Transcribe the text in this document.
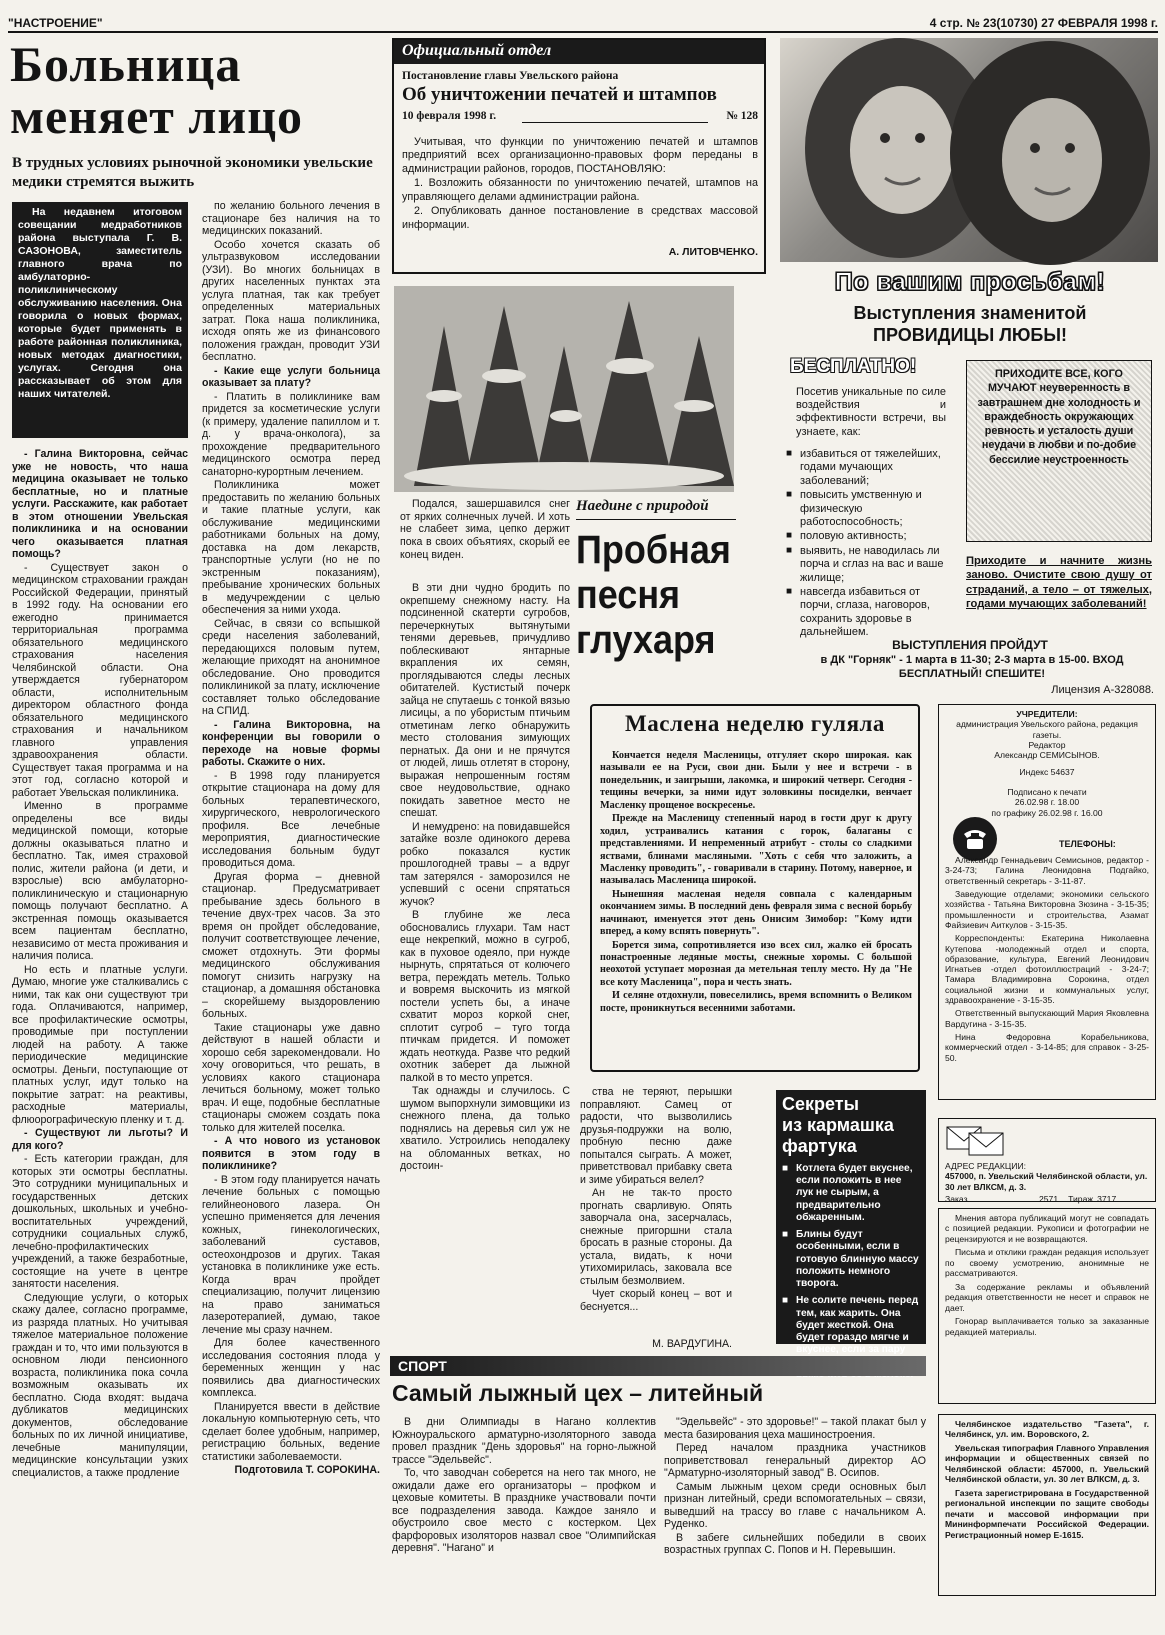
"НАСТРОЕНИЕ"	4 стр. № 23(10730) 27 ФЕВРАЛЯ 1998 г.
Больница
меняет лицо
В трудных условиях рыночной экономики увельские медики стремятся выжить

На недавнем итоговом совещании медработников района выступала Г. В. САЗОНОВА, заместитель главного врача по амбулаторно-поликлиническому обслуживанию населения. Она говорила о новых формах, которые будет применять в работе районная поликлиника, новых методах диагностики, услугах. Сегодня она рассказывает об этом для наших читателей.

- Галина Викторовна, сейчас уже не новость, что наша медицина оказывает не только бесплатные, но и платные услуги. Расскажите, как работает в этом отношении Увельская поликлиника и на основании чего оказывается платная помощь?

- Существует закон о медицинском страховании граждан Российской Федерации, принятый в 1992 году. На основании его ежегодно принимается территориальная программа обязательного медицинского страхования населения Челябинской области. Она утверждается губернатором области, исполнительным директором областного фонда обязательного медицинского страхования и начальником главного управления здравоохранения области. Существует такая программа и на этот год, согласно которой и работает Увельская поликлиника.

Именно в программе определены все виды медицинской помощи, которые должны оказываться платно и бесплатно. Так, имея страховой полис, жители района (и дети, и взрослые) всю амбулаторно-поликлиническую и стационарную помощь получают бесплатно. А экстренная помощь оказывается всем пациентам бесплатно, независимо от места проживания и наличия полиса.

Но есть и платные услуги. Думаю, многие уже сталкивались с ними, так как они существуют три года. Оплачиваются, например, все профилактические осмотры, проводимые при поступлении людей на работу. А также периодические медицинские осмотры. Деньги, поступающие от платных услуг, идут только на покрытие затрат: на реактивы, расходные материалы, флюорографическую пленку и т. д.

- Существуют ли льготы? И для кого?

- Есть категории граждан, для которых эти осмотры бесплатны. Это сотрудники муниципальных и государственных детских дошкольных, школьных и учебно-воспитательных учреждений, сотрудники социальных служб, лечебно-профилактических учреждений, а также безработные, состоящие на учете в центре занятости населения.

Следующие услуги, о которых скажу далее, согласно программе, из разряда платных. Но учитывая тяжелое материальное положение граждан и то, что ими пользуются в основном люди пенсионного возраста, поликлиника пока сочла возможным оказывать их бесплатно. Сюда входят: выдача дубликатов медицинских документов, обследование больных по их личной инициативе, лечебные манипуляции, медицинские консультации узких специалистов, а также продление

по желанию больного лечения в стационаре без наличия на то медицинских показаний.

Особо хочется сказать об ультразвуковом исследовании (УЗИ). Во многих больницах в других населенных пунктах эта услуга платная, так как требует определенных материальных затрат. Пока наша поликлиника, исходя опять же из финансового положения граждан, проводит УЗИ бесплатно.

- Какие еще услуги больница оказывает за плату?

- Платить в поликлинике вам придется за косметические услуги (к примеру, удаление папиллом и т. д. у врача-онколога), за прохождение предварительного медицинского осмотра перед санаторно-курортным лечением.

Поликлиника может предоставить по желанию больных и такие платные услуги, как обслуживание медицинскими работниками больных на дому, доставка на дом лекарств, транспортные услуги (но не по экстренным показаниям), пребывание хронических больных в медучреждении с целью обеспечения за ними ухода.

Сейчас, в связи со вспышкой среди населения заболеваний, передающихся половым путем, желающие приходят на анонимное обследование. Оно проводится поликлиникой за плату, исключение составляет только обследование на СПИД.

- Галина Викторовна, на конференции вы говорили о переходе на новые формы работы. Скажите о них.

- В 1998 году планируется открытие стационара на дому для больных терапевтического, хирургического, неврологического профиля. Все лечебные мероприятия, диагностические исследования больным будут проводиться дома.

Другая форма – дневной стационар. Предусматривает пребывание здесь больного в течение двух-трех часов. За это время он пройдет обследование, получит соответствующее лечение, сможет отдохнуть. Эти формы медицинского обслуживания помогут снизить нагрузку на стационар, а домашняя обстановка – скорейшему выздоровлению больных.

Такие стационары уже давно действуют в нашей области и хорошо себя зарекомендовали. Но хочу оговориться, что решать, в условиях какого стационара лечиться больному, может только врач. И еще, подобные бесплатные стационары сможем создать пока только для жителей поселка.

- А что нового из установок появится в этом году в поликлинике?

- В этом году планируется начать лечение больных с помощью гелийнеонового лазера. Он успешно применяется для лечения кожных, гинекологических, заболеваний суставов, остеохондрозов и других. Такая установка в поликлинике уже есть. Когда врач пройдет специализацию, получит лицензию на право заниматься лазеротерапией, думаю, такое лечение мы сразу начнем.

Для более качественного исследования состояния плода у беременных женщин у нас появились два диагностических комплекса.

Планируется ввести в действие локальную компьютерную сеть, что сделает более удобным, например, регистрацию больных, ведение статистики заболеваемости.

Подготовила Т. СОРОКИНА.

Официальный отдел
Постановление главы Увельского района
Об уничтожении печатей и штампов
10 февраля 1998 г.	№ 128

Учитывая, что функции по уничтожению печатей и штампов предприятий всех организационно-правовых форм переданы в администрации районов, городов, ПОСТАНОВЛЯЮ:

1. Возложить обязанности по уничтожению печатей, штампов на управляющего делами администрации района.

2. Опубликовать данное постановление в средствах массовой информации.

А. ЛИТОВЧЕНКО.
Подался, зашершавился снег от ярких солнечных лучей. И хоть не слабеет зима, цепко держит пока в своих объятиях, скорый ее конец виден.
Наедине с природой
Пробная
песня
глухаря

В эти дни чудно бродить по окрепшему снежному насту. На подсиненной скатерти сугробов, перечеркнутых вытянутыми тенями деревьев, причудливо поблескивают янтарные вкрапления их семян, проглядываются следы лесных обитателей. Кустистый почерк зайца не спутаешь с тонкой вязью лисицы, а по убористым птичьим отметинам легко обнаружить место столования зимующих пернатых. Да они и не прячутся от людей, лишь отлетят в сторону, выражая непрошенным гостям свое неудовольствие, однако покидать заветное место не спешат.

И немудрено: на повидавшейся затайке возле одинокого дерева робко показался кустик прошлогодней травы – а вдруг там затерялся - заморозился не успевший с осени спрятаться жучок?

В глубине же леса обосновались глухари. Там наст еще некрепкий, можно в сугроб, как в пуховое одеяло, при нужде нырнуть, спрятаться от колючего ветра, переждать метель. Только и вовремя выскочить из мягкой постели успеть бы, а иначе схватит мороз коркой снег, сплотит сугроб – туго тогда птичкам придется. И поможет ждать неоткуда. Разве что редкий охотник заберет да лыжной палкой в то место упрется.

Так однажды и случилось. С шумом выпорхнули зимовщики из снежного плена, да только поднялись на деревья сил уж не хватило. Устроились неподалеку на обломанных ветках, но достоин-

ства не теряют, перышки поправляют. Самец от радости, что вызволились друзья-подружки на волю, пробную песню даже попытался сыграть. А может, приветствовал прибавку света и зиме убираться велел?

Ан не так-то просто прогнать сварливую. Опять заворчала она, засерчалась, снежные пригоршни стала бросать в разные стороны. Да устала, видать, к ночи утихомирилась, заковала все стылым безмолвием.

Чует скорый конец – вот и беснуется...

М. ВАРДУГИНА.
Маслена неделю гуляла

Кончается неделя Масленицы, отгуляет скоро широкая. как называли ее на Руси, свои дни. Были у нее и встречи - в понедельник, и заигрыши, лакомка, и широкий четверг. Сегодня - тещины вечерки, за ними идут золовкины посиделки, венчает Масленку прощеное воскресенье.

Прежде на Масленицу степенный народ в гости друг к другу ходил, устраивались катания с горок, балаганы с представлениями. И непременный атрибут - столы со сладкими яствами, блинами масляными. "Хоть с себя что заложить, а Масленку проводить", - говаривали в старину. Потому, наверное, и называлась Масленица широкой.

Нынешняя масленая неделя совпала с календарным окончанием зимы. В последний день февраля зима с весной борьбу начинают, именуется этот день Онисим Зимобор: "Кому идти вперед, а кому вспять повернуть".

Борется зима, сопротивляется изо всех сил, жалко ей бросать понастроенные ледяные мосты, снежные хоромы. С большой неохотой уступает морозная да метельная теплу место. Ну да "Не все коту Масленица", пора и честь знать.

И селяне отдохнули, повеселились, время вспомнить о Великом посте, проникнуться весенними заботами.

Секреты
из кармашка
фартука
■ Котлета будет вкуснее, если положить в нее лук не сырым, а предварительно обжаренным.
■ Блины будут особенными, если в готовую блинную массу положить немного творога.
■ Не солите печень перед тем, как жарить. Она будет жесткой. Она будет гораздо мягче и вкуснее, если за пару
По вашим просьбам!
Выступления знаменитой
ПРОВИДИЦЫ ЛЮБЫ!
БЕСПЛАТНО!
Посетив уникальные по силе воздействия и эффективности встречи, вы узнаете, как:
■ избавиться от тяжелейших, годами мучающих заболеваний;
■ повысить умственную и физическую работоспособность;
■ половую активность;
■ выявить, не наводилась ли порча и сглаз на вас и ваше жилище;
■ навсегда избавиться от порчи, сглаза, наговоров, сохранить здоровье в дальнейшем.
ПРИХОДИТЕ ВСЕ, КОГО МУЧАЮТ неуверенность в завтрашнем дне холодность и враждебность окружающих ревность и усталость души неудачи в любви и по-добие бессилие неустроенность
Приходите и начните жизнь заново. Очистите свою душу от страданий, а тело – от тяжелых, годами мучающих заболеваний!
ВЫСТУПЛЕНИЯ ПРОЙДУТ
в ДК "Горняк" - 1 марта в 11-30; 2-3 марта в 15-00. ВХОД БЕСПЛАТНЫЙ! СПЕШИТЕ!
Лицензия А-328088.
УЧРЕДИТЕЛИ:
администрация Увельского района, редакция газеты.
Редактор
Александр СЕМИСЫНОВ.
Индекс 54637
Подписано к печати
26.02.98 г. 18.00
по графику 26.02.98 г. 16.00
ТЕЛЕФОНЫ:
Александр Геннадьевич Семисынов, редактор - 3-24-73; Галина Леонидовна Подгайко, ответственный секретарь - 3-11-87.
Заведующие отделами; экономики сельского хозяйства - Татьяна Викторовна Зюзина - 3-15-35; промышленности и строительства, Азамат Файзиевич Аиткулов - 3-15-35.
Корреспонденты: Екатерина Николаевна Кутепова -молодежный отдел и спорта, образование, культура, Евгений Леонидович Игнатьев -отдел фотоиллюстраций - 3-24-7; Тамара Владимировна Сорокина, отдел социальной жизни и коммунальных услуг, здравоохранение - 3-15-35.
Ответственный выпускающий Мария Яковлевна Вардугина - 3-15-35.
Нина Федоровна Корабельникова, коммерческий отдел - 3-14-85; для справок - 3-25-50.
АДРЕС РЕДАКЦИИ:
457000, п. Увельский Челябинской области, ул. 30 лет ВЛКСМ, д. 3.
Заказ	2571 Тираж 3717
Мнения автора публикаций могут не совпадать с позицией редакции. Рукописи и фотографии не рецензируются и не возвращаются.
Письма и отклики граждан редакция использует по своему усмотрению, анонимные не рассматриваются.
За содержание рекламы и объявлений редакция ответственности не несет и справок не дает.
Гонорар выплачивается только за заказанные редакцией материалы.
Челябинское издательство "Газета", г. Челябинск, ул. им. Воровского, 2.
Увельская типография Главного Управления информации и общественных связей по Челябинской области: 457000, п. Увельский Челябинской области, ул. 30 лет ВЛКСМ, д. 3.
Газета зарегистрирована в Государственной региональной инспекции по защите свободы печати и массовой информации при Мининформпечати Российской Федерации. Регистрационный номер Е-1615.
СПОРТ
Самый лыжный цех – литейный

В дни Олимпиады в Нагано коллектив Южноуральского арматурно-изоляторного завода провел праздник "День здоровья" на горно-лыжной трассе "Эдельвейс".

То, что заводчан соберется на него так много, не ожидали даже его организаторы – профком и цеховые комитеты. В празднике участвовали почти все подразделения завода. Каждое заняло и обустроило свое место с костерком. Цех фарфоровых изоляторов назвал свое "Олимпийская деревня". "Нагано" и

"Эдельвейс" - это здоровье!" – такой плакат был у места базирования цеха машиностроения.

Перед началом праздника участников поприветствовал генеральный директор АО "Арматурно-изоляторный завод" В. Осипов.

Самым лыжным цехом среди основных был признан литейный, среди вспомогательных – связи, выведший на трассу во главе с начальником А. Руденко.

В забеге сильнейших победили в своих возрастных группах С. Попов и Н. Перевышин.
